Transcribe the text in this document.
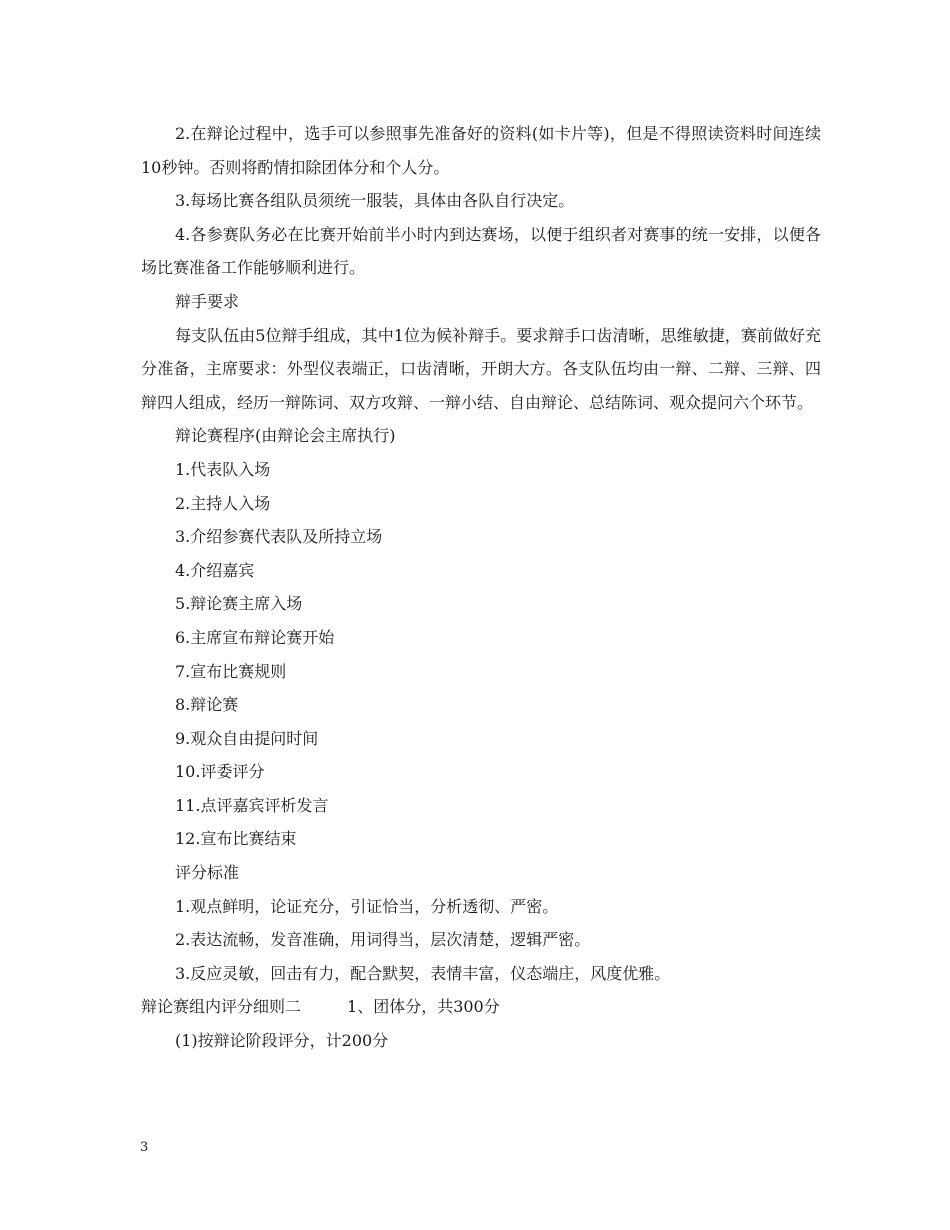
2.在辩论过程中，选手可以参照事先准备好的资料(如卡片等)，但是不得照读资料时间连续10秒钟。否则将酌情扣除团体分和个人分。

3.每场比赛各组队员须统一服装，具体由各队自行决定。

4.各参赛队务必在比赛开始前半小时内到达赛场，以便于组织者对赛事的统一安排，以便各场比赛准备工作能够顺利进行。

辩手要求

每支队伍由5位辩手组成，其中1位为候补辩手。要求辩手口齿清晰，思维敏捷，赛前做好充分准备，主席要求：外型仪表端正，口齿清晰，开朗大方。各支队伍均由一辩、二辩、三辩、四辩四人组成，经历一辩陈词、双方攻辩、一辩小结、自由辩论、总结陈词、观众提问六个环节。

辩论赛程序(由辩论会主席执行)

1.代表队入场

2.主持人入场

3.介绍参赛代表队及所持立场

4.介绍嘉宾

5.辩论赛主席入场

6.主席宣布辩论赛开始

7.宣布比赛规则

8.辩论赛

9.观众自由提问时间

10.评委评分

11.点评嘉宾评析发言

12.宣布比赛结束

评分标准

1.观点鲜明，论证充分，引证恰当，分析透彻、严密。

2.表达流畅，发音准确，用词得当，层次清楚，逻辑严密。

3.反应灵敏，回击有力，配合默契，表情丰富，仪态端庄，风度优雅。

辩论赛组内评分细则二	1、团体分，共300分

(1)按辩论阶段评分，计200分

3
